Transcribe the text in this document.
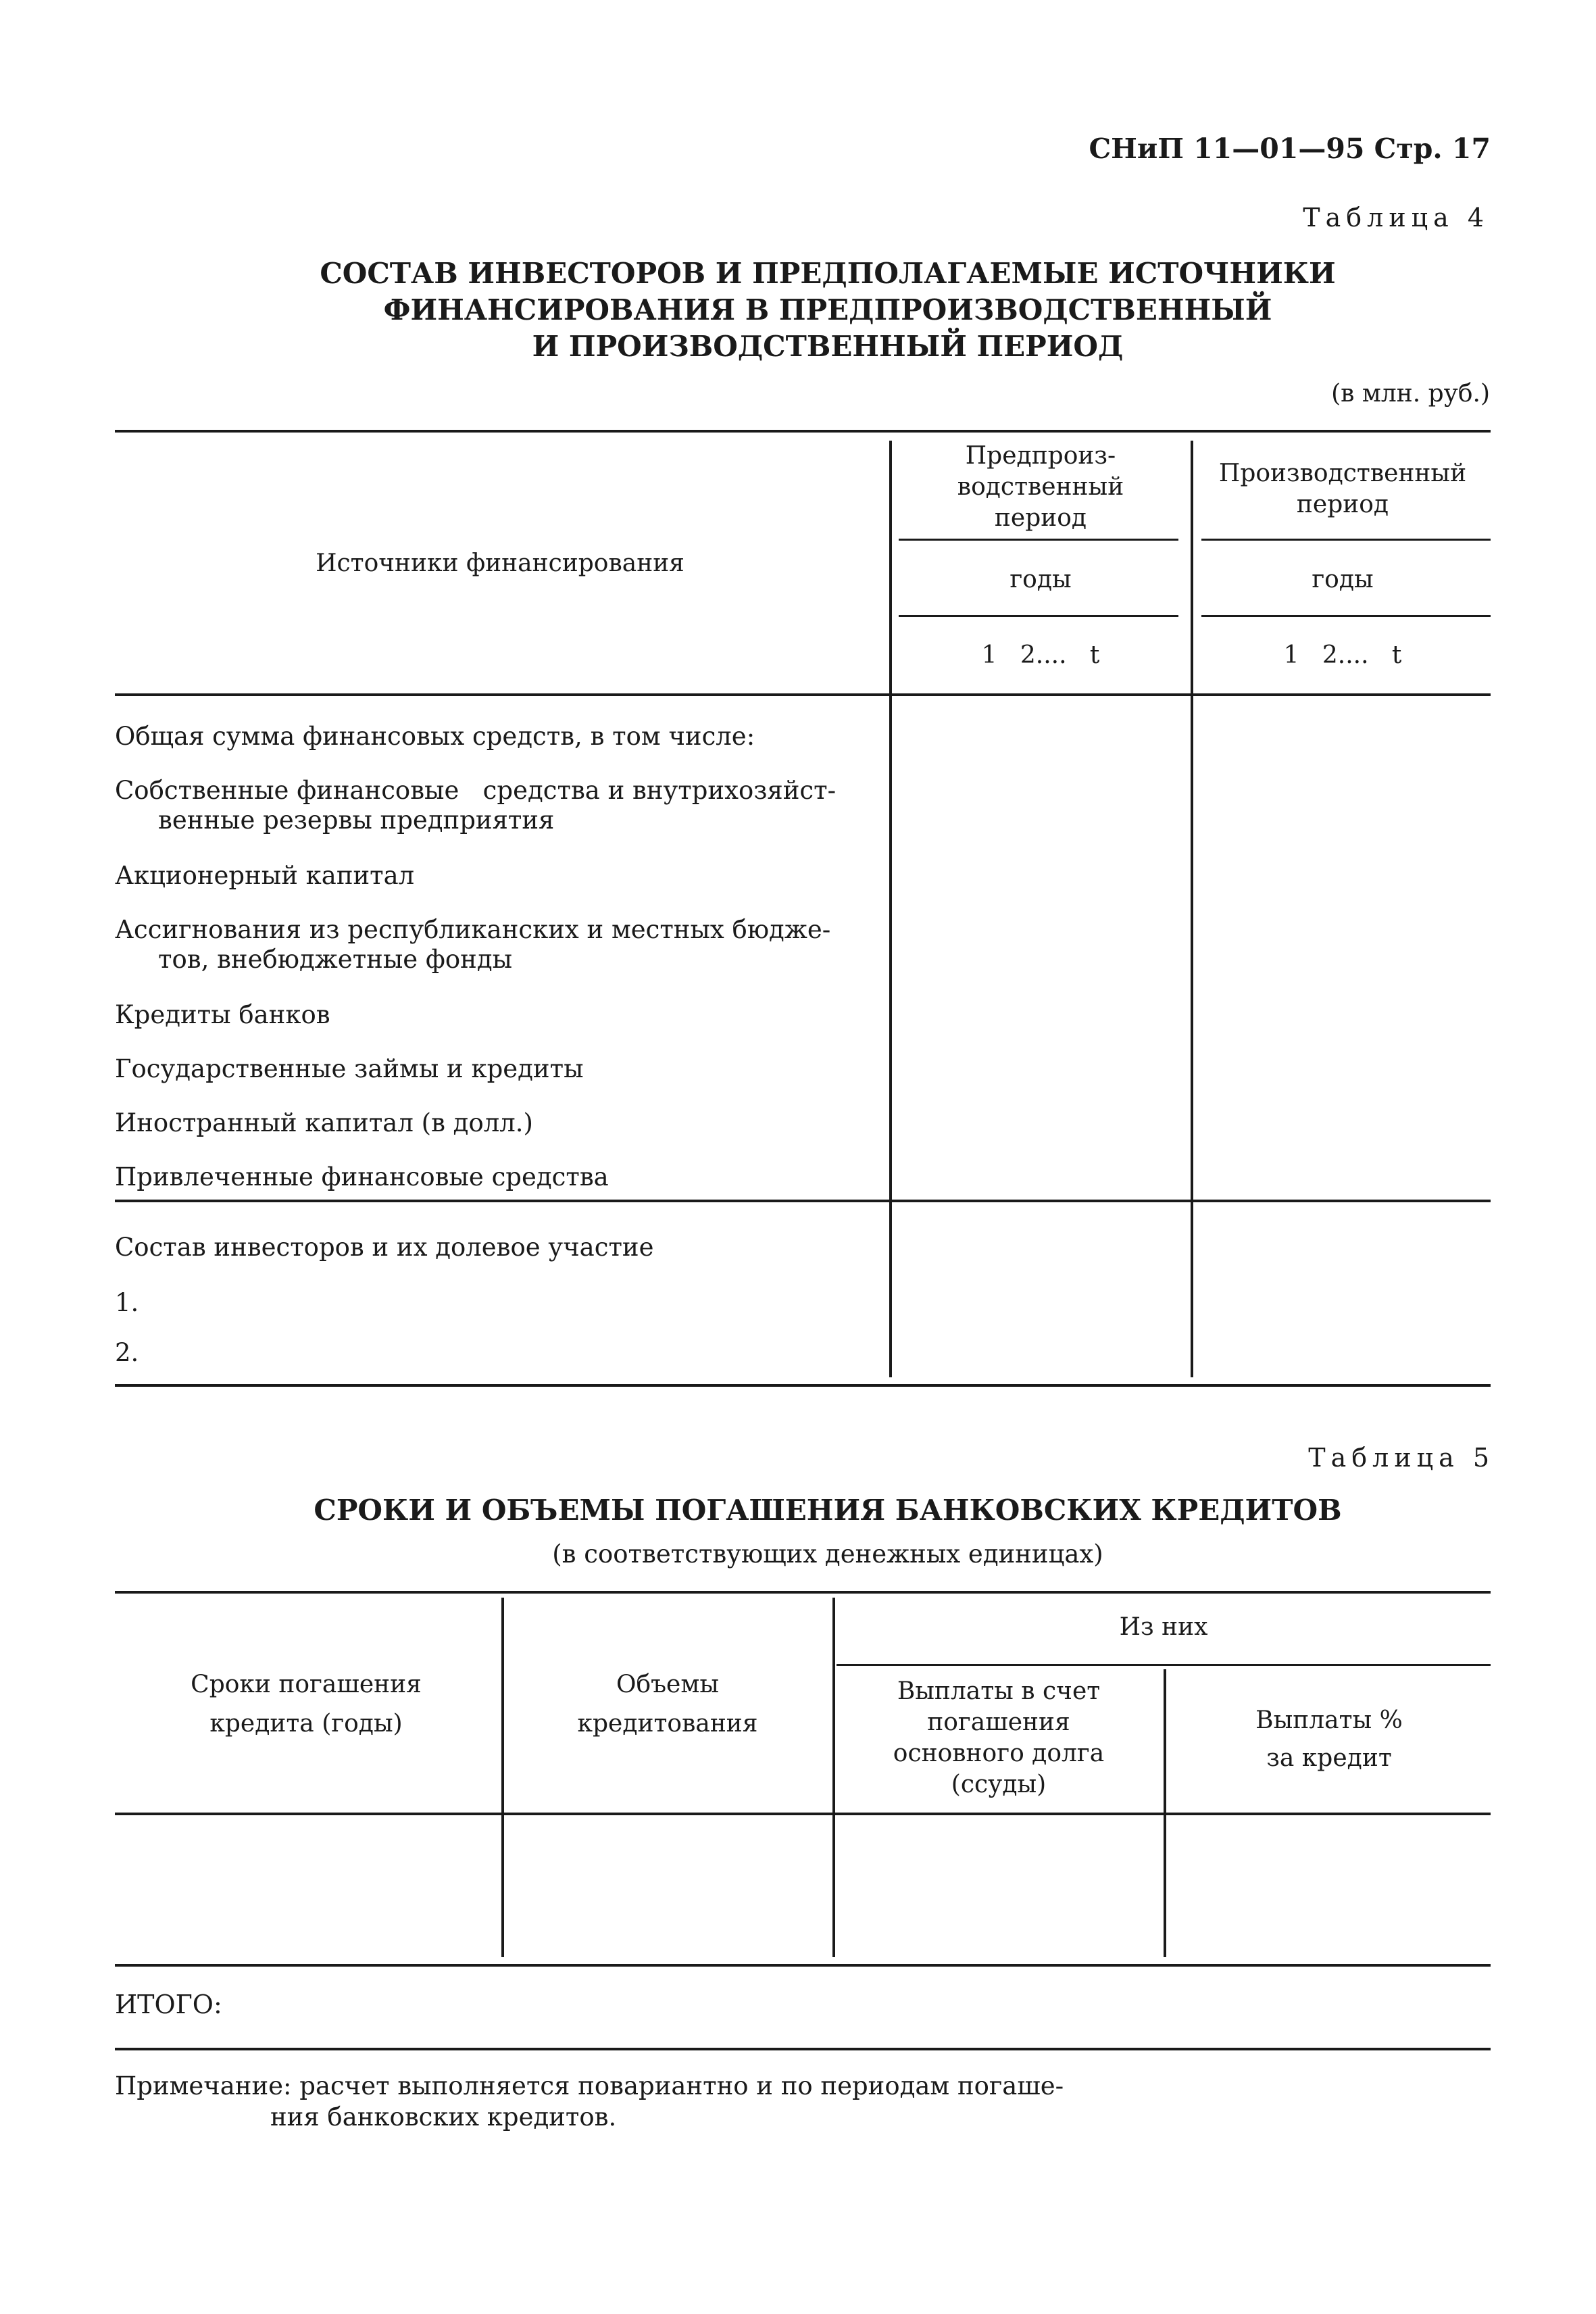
СНиП 11—01—95 Стр. 17
Таблица 4
СОСТАВ ИНВЕСТОРОВ И ПРЕДПОЛАГАЕМЫЕ ИСТОЧНИКИ
ФИНАНСИРОВАНИЯ В ПРЕДПРОИЗВОДСТВЕННЫЙ
И ПРОИЗВОДСТВЕННЫЙ ПЕРИОД
(в млн. руб.)
Источники финансирования
Предпроиз-
водственный
период
Производственный
период
годы	годы
1   2....   t	1   2....   t
Общая сумма финансовых средств, в том числе:
Собственные финансовые   средства и внутрихозяйст-
венные резервы предприятия
Акционерный капитал
Ассигнования из республиканских и местных бюдже-
тов, внебюджетные фонды
Кредиты банков
Государственные займы и кредиты
Иностранный капитал (в долл.)
Привлеченные финансовые средства
Состав инвесторов и их долевое участие
1.
2.
Таблица 5
СРОКИ И ОБЪЕМЫ ПОГАШЕНИЯ БАНКОВСКИХ КРЕДИТОВ
(в соответствующих денежных единицах)
Сроки погашения
кредита (годы)
Объемы
кредитования
Из них
Выплаты в счет
погашения
основного долга
(ссуды)
Выплаты %
за кредит
ИТОГО:
Примечание: расчет выполняется повариантно и по периодам погаше-
ния банковских кредитов.
